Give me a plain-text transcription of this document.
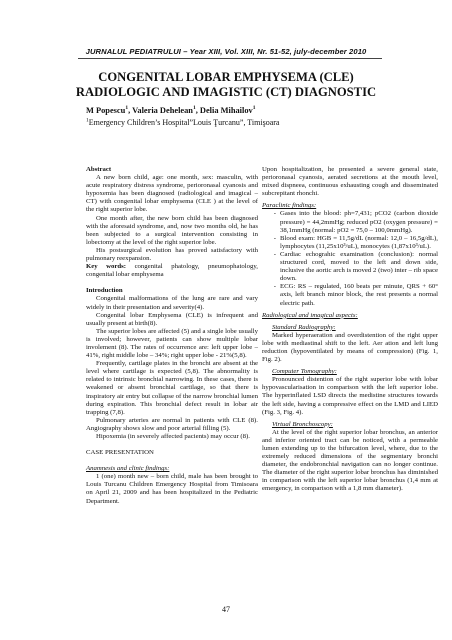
JURNALUL PEDIATRULUI – Year XIII, Vol. XIII, Nr. 51-52, july-december 2010
CONGENITAL LOBAR EMPHYSEMA (CLE)
RADIOLOGIC AND IMAGISTIC (CT) DIAGNOSTIC
M Popescu$^1$, Valeria Dehelean$^1$, Delia Mihailov$^1$
$^1$Emergency Children’s Hospital”Louis Ţurcanu”, Timişoara

Abstract

A new born child, age: one month, sex: masculin, with acute respiratory distress syndrome, perioronasal cyanosis and hypoxemia has been diagnosed (radiological and imagical – CT) with congenital lobar emphysema (CLE ) at the level of the right superior lobe.

One month after, the new born child has been diagnosed with the aforesaid syndrome, and, now two months old, he has been subjected to a surgical intervention consisting in lobectomy at the level of the right superior lobe.

His postsurgical evolution has proved satisfactory with pulmonary reexpansion.

Key words: congenital phatology, pneumophatology, congenital lobar emphysema

Introduction

Congenital malformations of the lung are rare and vary widely in their presentation and severity(4).

Congenital lobar Emphysema (CLE) is infrequent and usually present at birth(8).

The superior lobes are affected (5) and a single lobe usually is involved; however, patients can show multiple lobar involement (8). The rates of occurrence are: left upper lobe – 41%, right middle lobe – 34%; right upper lobe - 21%(5,8).

Frequently, cartilage plates in the bronchi are absent at the level where cartilage is expected (5,8). The abnormality is related to intrinsic bronchial narrowing. In these cases, there is weakened or absent bronchial cartilage, so that there is inspiratory air entry but collapse of the narrow bronchial lumen during expiration. This bronchial defect result in lobar air trapping (7,8).

Pulmonary arteries are normal in patients with CLE (8). Angiography shows slow and poor arterial filling (5).

Hipoxemia (in severely affected pacients) may occur (8).

CASE PRESENTATION

Anamnesis and clinic findings:

1 (one) month new – born child, male has been brought to Louis Turcanu Children Emergency Hospital from Timisoara on April 21, 2009 and has been hospitalized in the Pediatric Department.

Upon hospitalization, he presented a severe general state, perioronasal cyanosis, aerated secretions at the mouth level, mixed dispneea, continuous exhausting cough and disseminated subcrepitant rhonchi.

Paraclinic findings:

- Gases into the blood: ph=7,431; pCO2 (carbon dioxide pressure) = 44,2mmHg; reduced pO2 (oxygen pressure) = 38,1mmHg (normal: pO2 = 75,0 – 100,0mmHg).
- Blood exam: HGB = 11,5g/dL (normal: 12,0 – 16,5g/dL), lymphocytes (11,25x10³/uL), monocytes (1,87x10³/uL).
- Cardiac echograhic examination (conclusion): normal structured cord, moved to the left and down side, inclusive the aortic arch is moved 2 (two) inter – rib space down.
- ECG: RS – regulated, 160 beats per minute, QRS + 60° axis, left branch minor block, the rest presents a normal electric path.

Radiological and imagical aspects:

Standard Radiography:

Marked hyperaeration and overdistention of the right upper lobe with mediastinal shift to the left. Aer ation and left lung reduction (hypoventilated by means of compression) (Fig. 1, Fig. 2).

Computer Tomography:

Pronounced distention of the right superior lobe with lobar hypovascularisation in comparison with the left superior lobe. The hyperinflated LSD directs the medistine structures towards the left side, having a compressive effect on the LMD and LIED (Fig. 3, Fig. 4).

Virtual Bronchoscopy:

At the level of the right superior lobar bronchus, an anterior and inferior oriented tract can be noticed, with a permeable lumen extending up to the bifurcation level, where, due to the extremely reduced dimensions of the segmentary bronchi diameter, the endobronchial navigation can no longer continue. The diameter of the right superior lobar bronchus has diminished in comparison with the left superior lobar bronchus (1,4 mm at emergency, in comparison with a 1,8 mm diameter).

47
